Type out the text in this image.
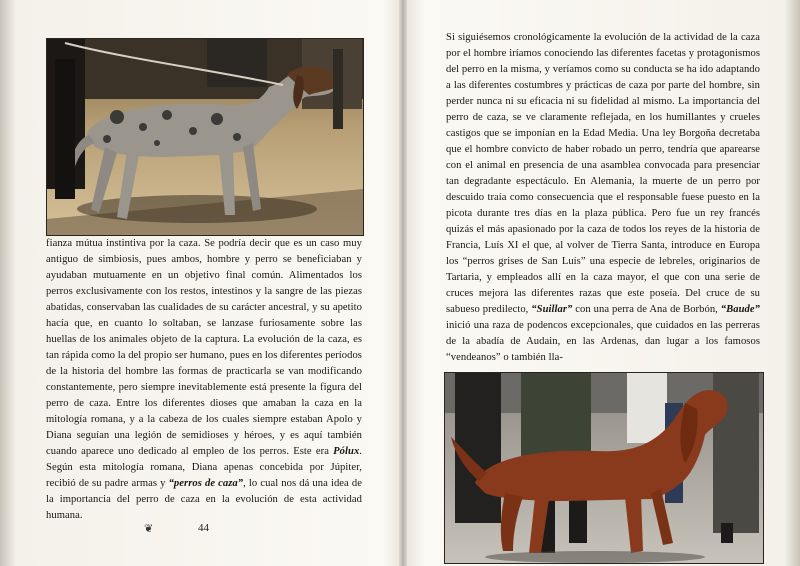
fianza mútua instintiva por la caza. Se podría decir que es un caso muy antiguo de simbiosis, pues ambos, hombre y perro se beneficiaban y ayudaban mutuamente en un objetivo final común. Alimentados los perros exclusivamente con los restos, intestinos y la sangre de las piezas abatidas, conservaban las cualidades de su carácter ancestral, y su apetito hacía que, en cuanto lo soltaban, se lanzase furiosamente sobre las huellas de los animales objeto de la captura. La evolución de la caza, es tan rápida como la del propio ser humano, pues en los diferentes períodos de la historia del hombre las formas de practicarla se van modificando constantemente, pero siempre inevitablemente está presente la figura del perro de caza. Entre los diferentes dioses que amaban la caza en la mitología romana, y a la cabeza de los cuales siempre estaban Apolo y Diana seguían una legión de semidioses y héroes, y es aquí también cuando aparece uno dedicado al empleo de los perros. Este era Pólux. Según esta mitología romana, Diana apenas concebida por Júpiter, recibió de su padre armas y “perros de caza”, lo cual nos dá una idea de la importancia del perro de caza en la evolución de esta actividad humana.

❦	44

Si siguiésemos cronológicamente la evolución de la actividad de la caza por el hombre iríamos conociendo las diferentes facetas y protagonismos del perro en la misma, y veríamos como su conducta se ha ido adaptando a las diferentes costumbres y prácticas de caza por parte del hombre, sin perder nunca ni su eficacia ni su fidelidad al mismo. La importancia del perro de caza, se ve claramente reflejada, en los humillantes y crueles castigos que se imponían en la Edad Media. Una ley Borgoña decretaba que el hombre convicto de haber robado un perro, tendría que aparearse con el animal en presencia de una asamblea convocada para presenciar tan degradante espectáculo. En Alemania, la muerte de un perro por descuido traía como consecuencia que el responsable fuese puesto en la picota durante tres días en la plaza pública. Pero fue un rey francés quizás el más apasionado por la caza de todos los reyes de la historia de Francia, Luís XI el que, al volver de Tierra Santa, introduce en Europa los “perros grises de San Luís” una especie de lebreles, originarios de Tartaria, y empleados allí en la caza mayor, el que con una serie de cruces mejora las diferentes razas que este poseía. Del cruce de su sabueso predilecto, “Suillar” con una perra de Ana de Borbón, “Baude” inició una raza de podencos excepcionales, que cuidados en las perreras de la abadía de Audain, en las Ardenas, dan lugar a los famosos “vendeanos” o también lla-
